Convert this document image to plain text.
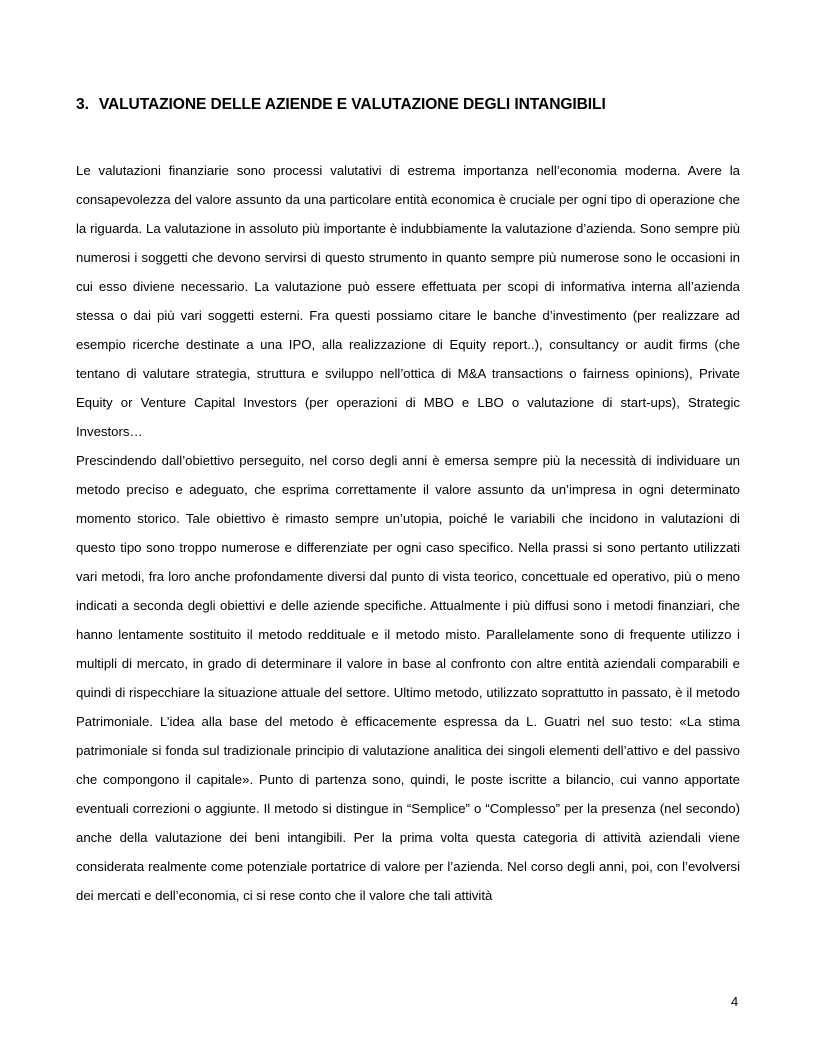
3. VALUTAZIONE DELLE AZIENDE E VALUTAZIONE DEGLI INTANGIBILI

Le valutazioni finanziarie sono processi valutativi di estrema importanza nell’economia moderna. Avere la consapevolezza del valore assunto da una particolare entità economica è cruciale per ogni tipo di operazione che la riguarda. La valutazione in assoluto più importante è indubbiamente la valutazione d’azienda. Sono sempre più numerosi i soggetti che devono servirsi di questo strumento in quanto sempre più numerose sono le occasioni in cui esso diviene necessario. La valutazione può essere effettuata per scopi di informativa interna all’azienda stessa o dai più vari soggetti esterni. Fra questi possiamo citare le banche d’investimento (per realizzare ad esempio ricerche destinate a una IPO, alla realizzazione di Equity report..), consultancy or audit firms (che tentano di valutare strategia, struttura e sviluppo nell’ottica di M&A transactions o fairness opinions), Private Equity or Venture Capital Investors (per operazioni di MBO e LBO o valutazione di start-ups), Strategic Investors…

Prescindendo dall’obiettivo perseguito, nel corso degli anni è emersa sempre più la necessità di individuare un metodo preciso e adeguato, che esprima correttamente il valore assunto da un’impresa in ogni determinato momento storico. Tale obiettivo è rimasto sempre un’utopia, poiché le variabili che incidono in valutazioni di questo tipo sono troppo numerose e differenziate per ogni caso specifico. Nella prassi si sono pertanto utilizzati vari metodi, fra loro anche profondamente diversi dal punto di vista teorico, concettuale ed operativo, più o meno indicati a seconda degli obiettivi e delle aziende specifiche. Attualmente i più diffusi sono i metodi finanziari, che hanno lentamente sostituito il metodo reddituale e il metodo misto. Parallelamente sono di frequente utilizzo i multipli di mercato, in grado di determinare il valore in base al confronto con altre entità aziendali comparabili e quindi di rispecchiare la situazione attuale del settore. Ultimo metodo, utilizzato soprattutto in passato, è il metodo Patrimoniale. L’idea alla base del metodo è efficacemente espressa da L. Guatri nel suo testo: «La stima patrimoniale si fonda sul tradizionale principio di valutazione analitica dei singoli elementi dell’attivo e del passivo che compongono il capitale». Punto di partenza sono, quindi, le poste iscritte a bilancio, cui vanno apportate eventuali correzioni o aggiunte. Il metodo si distingue in “Semplice” o “Complesso” per la presenza (nel secondo) anche della valutazione dei beni intangibili. Per la prima volta questa categoria di attività aziendali viene considerata realmente come potenziale portatrice di valore per l’azienda. Nel corso degli anni, poi, con l’evolversi dei mercati e dell’economia, ci si rese conto che il valore che tali attività

4
